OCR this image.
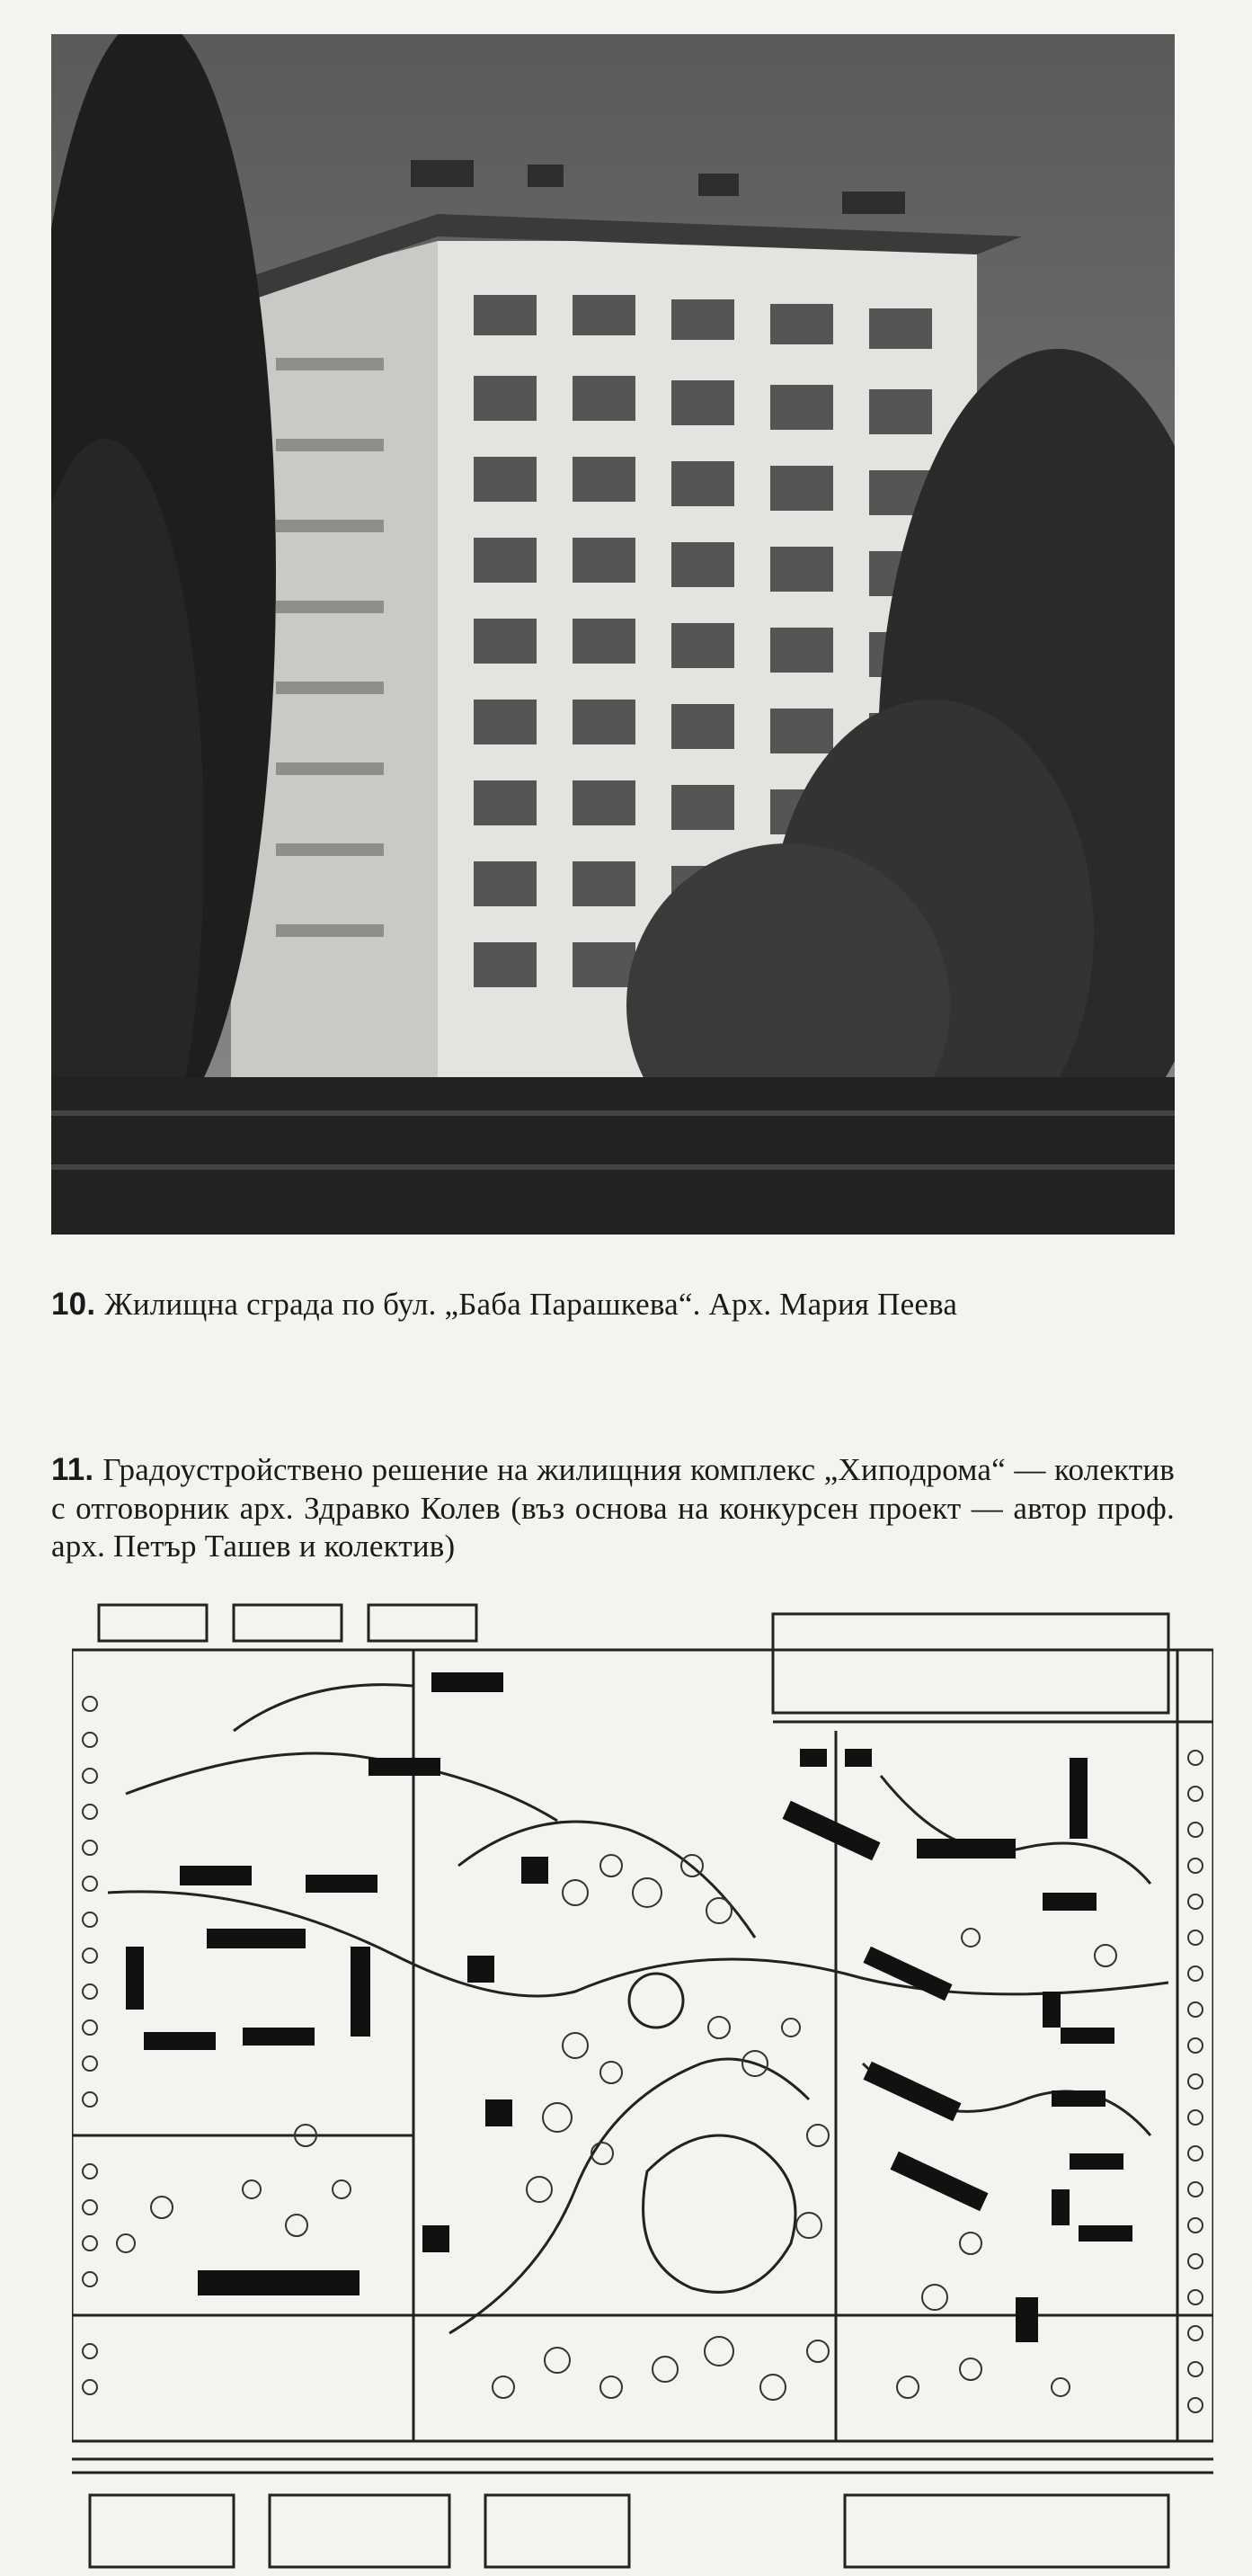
10. Жилищна сграда по бул. „Баба Парашкева“. Арх. Мария Пеева
11. Градоустройствено решение на жилищния комплекс „Хиподрома“ — колектив с отговорник арх. Здравко Колев (въз основа на конкурсен проект — автор проф. арх. Петър Ташев и колектив)
